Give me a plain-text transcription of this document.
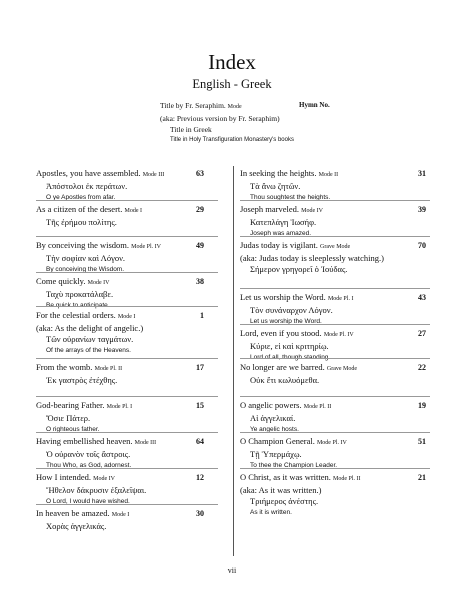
Index
English - Greek
Title by Fr. Seraphim. Mode	Hymn No.
(aka: Previous version by Fr. Seraphim)
Title in Greek
Title in Holy Transfiguration Monastery's books
Apostles, you have assembled. Mode III	63
Ἀπόστολοι ἐκ περάτων.
O ye Apostles from afar.
As a citizen of the desert. Mode I	29
Τῆς ἐρήμου πολίτης.
By conceiving the wisdom. Mode Pl. IV	49
Τὴν σοφίαν καὶ Λόγον.
By conceiving the Wisdom.
Come quickly. Mode IV	38
Ταχὺ προκατάλαβε.
Be quick to anticipate.
For the celestial orders. Mode I	1
(aka: As the delight of angelic.)
Τῶν οὐρανίων ταγμάτων.
Of the arrays of the Heavens.
From the womb. Mode Pl. II	17
Ἐκ γαστρὸς ἐτέχθης.
God-bearing Father. Mode Pl. I	15
Ὅσιε Πάτερ.
O righteous father.
Having embellished heaven. Mode III	64
Ὁ οὐρανὸν τοῖς ἄστροις.
Thou Who, as God, adornest.
How I intended. Mode IV	12
Ἤθελον δάκρυσιν ἐξαλεῖψαι.
O Lord, I would have wished.
In heaven be amazed. Mode I	30
Χορὰς ἀγγελικάς.
In seeking the heights. Mode II	31
Τὰ ἄνω ζητῶν.
Thou soughtest the heights.
Joseph marveled. Mode IV	39
Κατεπλάγη Ἰωσήφ.
Joseph was amazed.
Judas today is vigilant. Grave Mode	70
(aka: Judas today is sleeplessly watching.)
Σήμερον γρηγορεῖ ὁ Ἰούδας.
Let us worship the Word. Mode Pl. I	43
Τὸν συνάναρχον Λόγον.
Let us worship the Word.
Lord, even if you stood. Mode Pl. IV	27
Κύριε, εἰ καὶ κριτηρίῳ.
Lord of all, though standing.
No longer are we barred. Grave Mode	22
Οὐκ ἔτι κωλυόμεθα.
O angelic powers. Mode Pl. II	19
Αἱ ἀγγελικαί.
Ye angelic hosts.
O Champion General. Mode Pl. IV	51
Τῇ Ὑπερμάχῳ.
To thee the Champion Leader.
O Christ, as it was written. Mode Pl. II	21
(aka: As it was written.)
Τριήμερος ἀνέστης.
As it is written.
vii
